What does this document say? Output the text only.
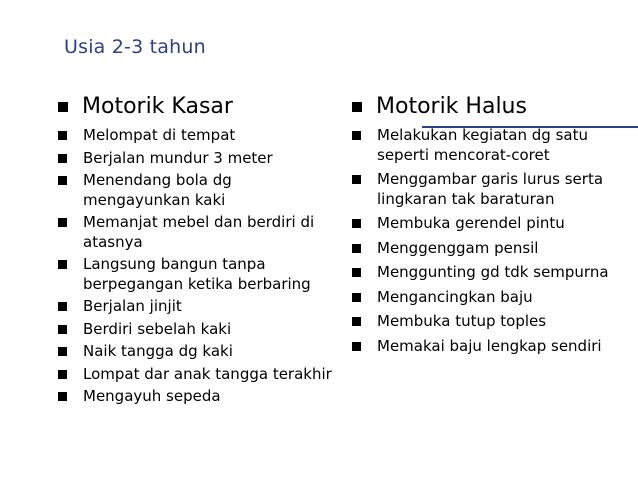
Usia 2-3 tahun
Motorik Kasar
Melompat di tempat
Berjalan mundur 3 meter
Menendang bola dg mengayunkan kaki
Memanjat mebel dan berdiri di atasnya
Langsung bangun tanpa berpegangan ketika berbaring
Berjalan jinjit
Berdiri sebelah kaki
Naik tangga dg kaki
Lompat dar anak tangga terakhir
Mengayuh sepeda
Motorik Halus
Melakukan kegiatan dg satu seperti mencorat-coret
Menggambar garis lurus serta lingkaran tak baraturan
Membuka gerendel pintu
Menggenggam pensil
Menggunting gd tdk sempurna
Mengancingkan baju
Membuka tutup toples
Memakai baju lengkap sendiri
